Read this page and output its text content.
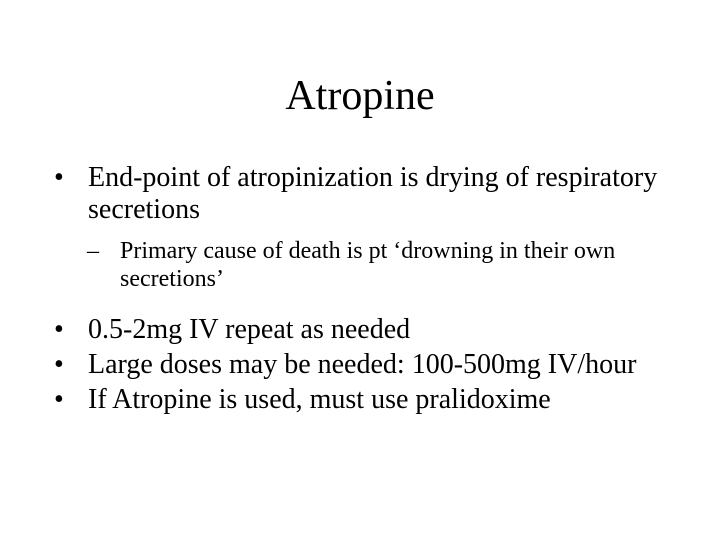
Atropine
• End-point of atropinization is drying of respiratory secretions
– Primary cause of death is pt ‘drowning in their own secretions’
• 0.5-2mg IV repeat as needed
• Large doses may be needed: 100-500mg IV/hour
• If Atropine is used, must use pralidoxime
